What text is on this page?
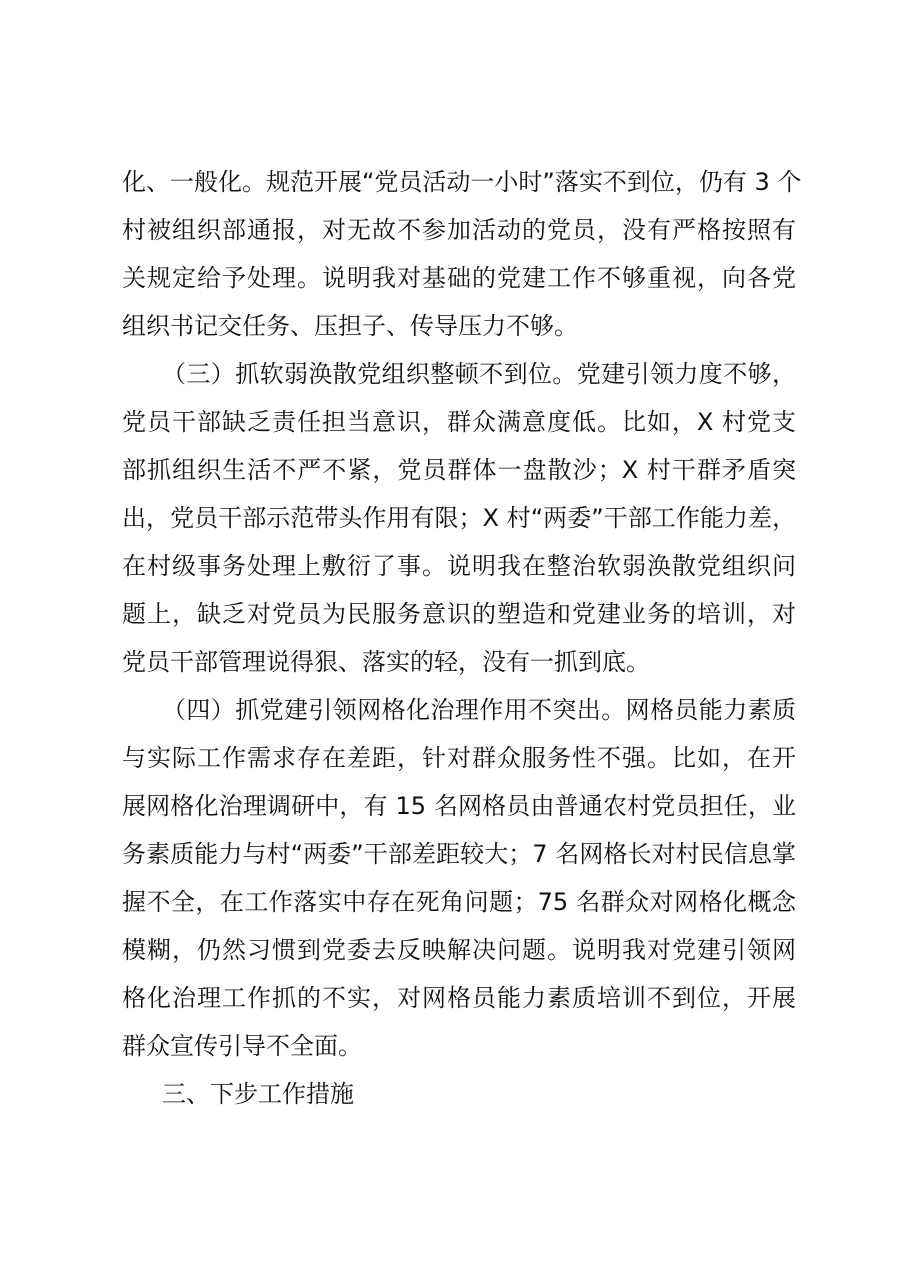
化、一般化。规范开展“党员活动一小时”落实不到位，仍有 3 个
村被组织部通报，对无故不参加活动的党员，没有严格按照有
关规定给予处理。说明我对基础的党建工作不够重视，向各党
组织书记交任务、压担子、传导压力不够。
（三）抓软弱涣散党组织整顿不到位。党建引领力度不够，
党员干部缺乏责任担当意识，群众满意度低。比如，X 村党支
部抓组织生活不严不紧，党员群体一盘散沙；X 村干群矛盾突
出，党员干部示范带头作用有限；X 村“两委”干部工作能力差，
在村级事务处理上敷衍了事。说明我在整治软弱涣散党组织问
题上，缺乏对党员为民服务意识的塑造和党建业务的培训，对
党员干部管理说得狠、落实的轻，没有一抓到底。
（四）抓党建引领网格化治理作用不突出。网格员能力素质
与实际工作需求存在差距，针对群众服务性不强。比如，在开
展网格化治理调研中，有 15 名网格员由普通农村党员担任，业
务素质能力与村“两委”干部差距较大；7 名网格长对村民信息掌
握不全，在工作落实中存在死角问题；75 名群众对网格化概念
模糊，仍然习惯到党委去反映解决问题。说明我对党建引领网
格化治理工作抓的不实，对网格员能力素质培训不到位，开展
群众宣传引导不全面。
三、下步工作措施
